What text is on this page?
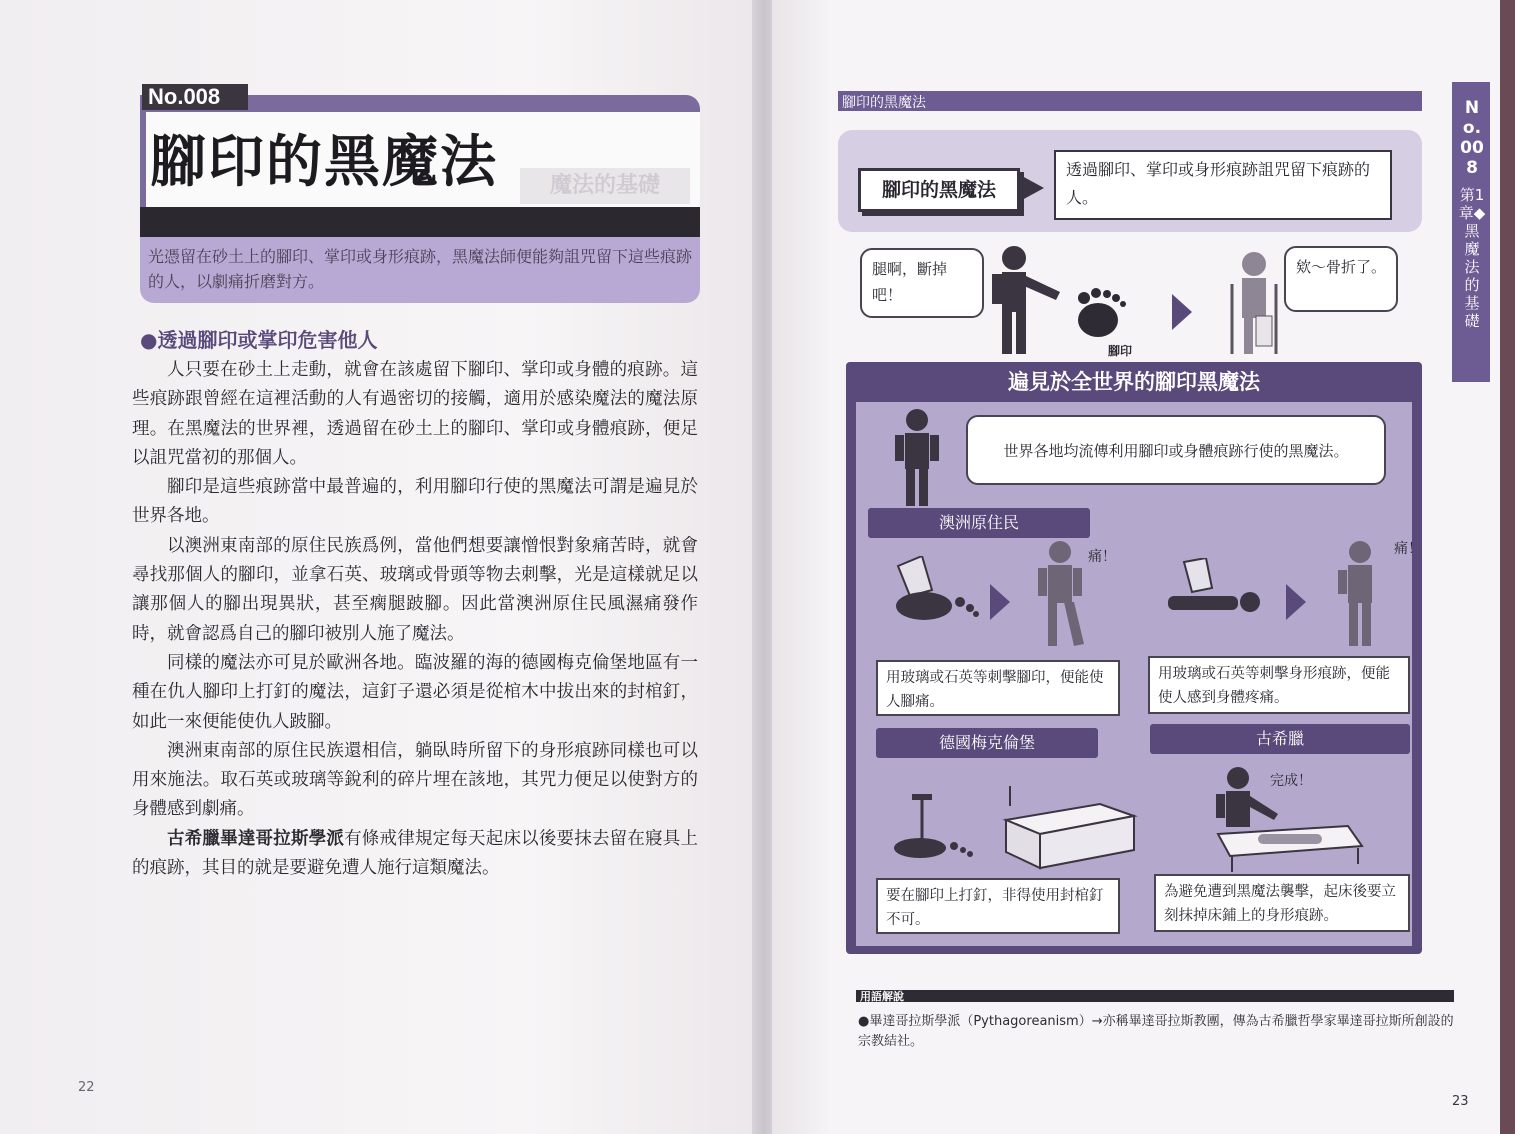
魔法的基礎
腳印的黑魔法
No.008
光憑留在砂土上的腳印、掌印或身形痕跡，黑魔法師便能夠詛咒留下這些痕跡的人，以劇痛折磨對方。
●透過腳印或掌印危害他人

人只要在砂土上走動，就會在該處留下腳印、掌印或身體的痕跡。這些痕跡跟曾經在這裡活動的人有過密切的接觸，適用於感染魔法的魔法原理。在黑魔法的世界裡，透過留在砂土上的腳印、掌印或身體痕跡，便足以詛咒當初的那個人。

腳印是這些痕跡當中最普遍的，利用腳印行使的黑魔法可謂是遍見於世界各地。

以澳洲東南部的原住民族爲例，當他們想要讓憎恨對象痛苦時，就會尋找那個人的腳印，並拿石英、玻璃或骨頭等物去刺擊，光是這樣就足以讓那個人的腳出現異狀，甚至瘸腿跛腳。因此當澳洲原住民風濕痛發作時，就會認爲自己的腳印被別人施了魔法。

同樣的魔法亦可見於歐洲各地。臨波羅的海的德國梅克倫堡地區有一種在仇人腳印上打釘的魔法，這釘子還必須是從棺木中拔出來的封棺釘，如此一來便能使仇人跛腳。

澳洲東南部的原住民族還相信，躺臥時所留下的身形痕跡同樣也可以用來施法。取石英或玻璃等銳利的碎片埋在該地，其咒力便足以使對方的身體感到劇痛。

古希臘畢達哥拉斯學派有條戒律規定每天起床以後要抹去留在寢具上的痕跡，其目的就是要避免遭人施行這類魔法。

22
腳印的黑魔法	No.008
第1章◆黑魔法的基礎
腳印的黑魔法
透過腳印、掌印或身形痕跡詛咒留下痕跡的人。
腿啊，斷掉吧！
腳印
欸～骨折了。
遍見於全世界的腳印黑魔法
世界各地均流傳利用腳印或身體痕跡行使的黑魔法。
澳洲原住民
痛！	痛！
用玻璃或石英等刺擊腳印，便能使人腳痛。
用玻璃或石英等刺擊身形痕跡，便能使人感到身體疼痛。
德國梅克倫堡	古希臘
完成！
要在腳印上打釘，非得使用封棺釘不可。
為避免遭到黑魔法襲擊，起床後要立刻抹掉床鋪上的身形痕跡。
用語解說
●畢達哥拉斯學派（Pythagoreanism）→亦稱畢達哥拉斯教團，傳為古希臘哲學家畢達哥拉斯所創設的宗教結社。
23
